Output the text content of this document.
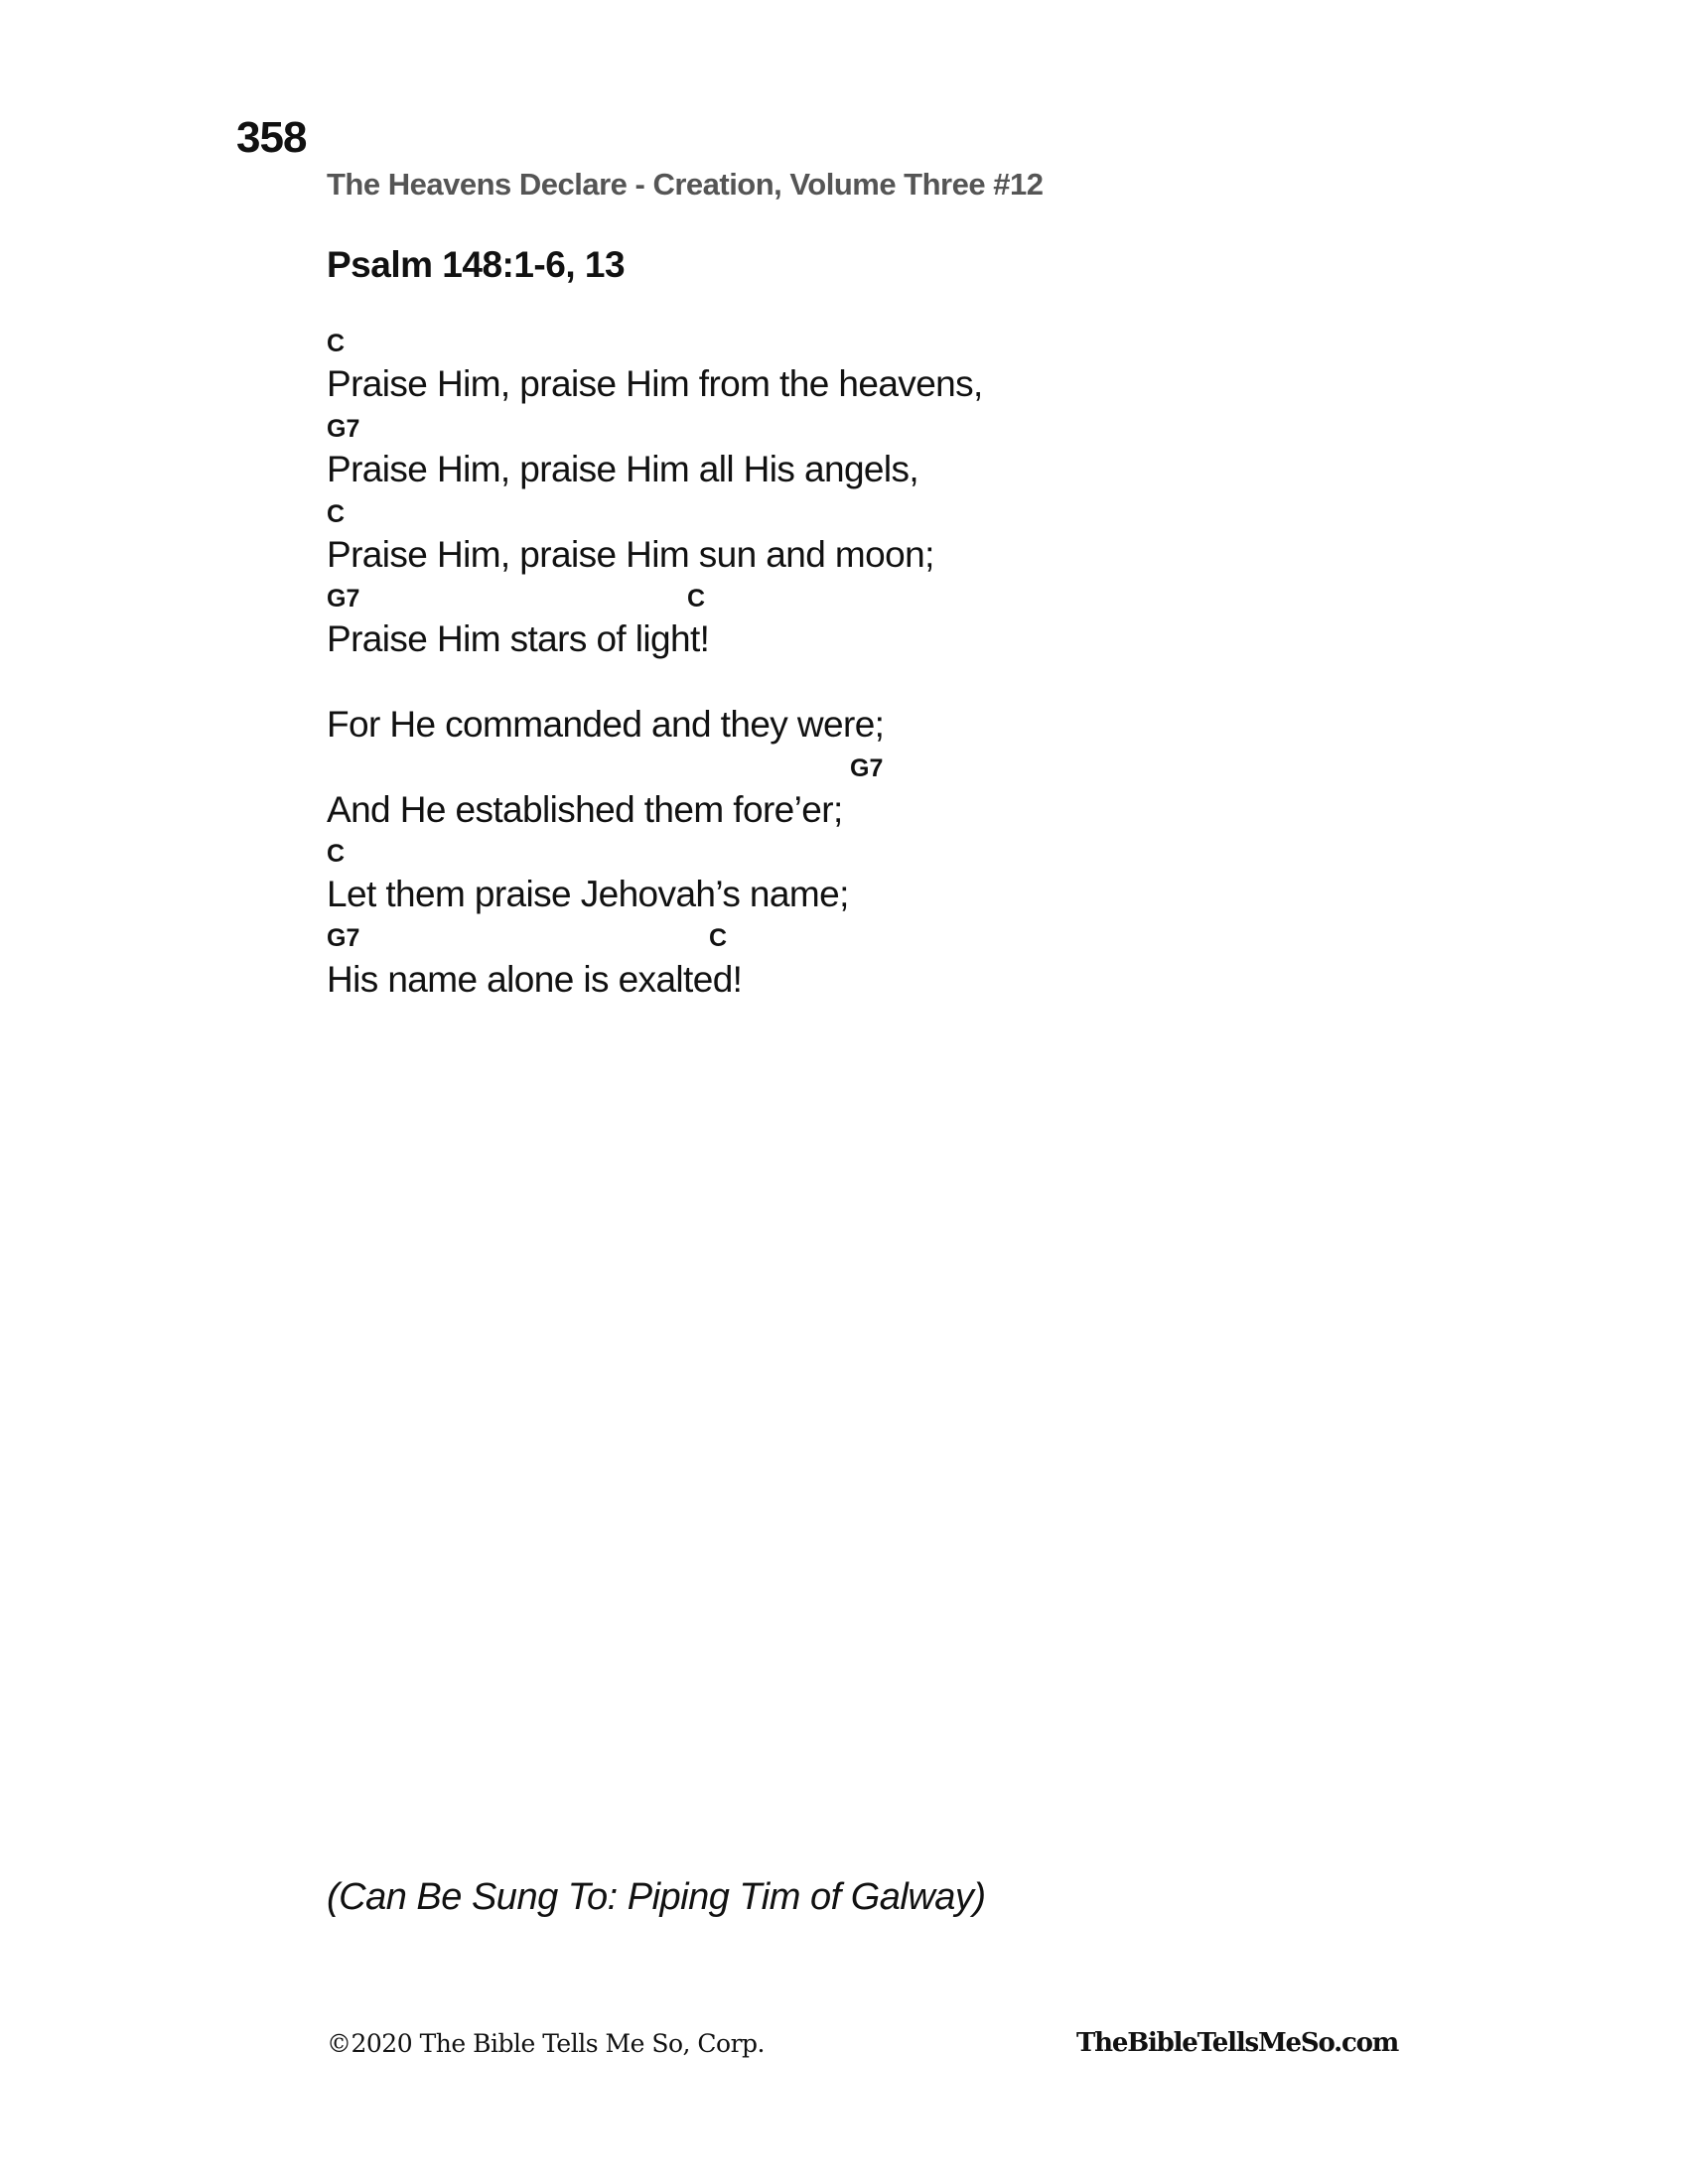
358
The Heavens Declare - Creation, Volume Three #12
Psalm 148:1-6, 13
C
Praise Him, praise Him from the heavens,
G7
Praise Him, praise Him all His angels,
C
Praise Him, praise Him sun and moon;
G7	C
Praise Him stars of light!
For He commanded and they were;
G7
And He established them fore’er;
C
Let them praise Jehovah’s name;
G7	C
His name alone is exalted!
(Can Be Sung To: Piping Tim of Galway)
©2020 The Bible Tells Me So, Corp.	TheBibleTellsMeSo.com
